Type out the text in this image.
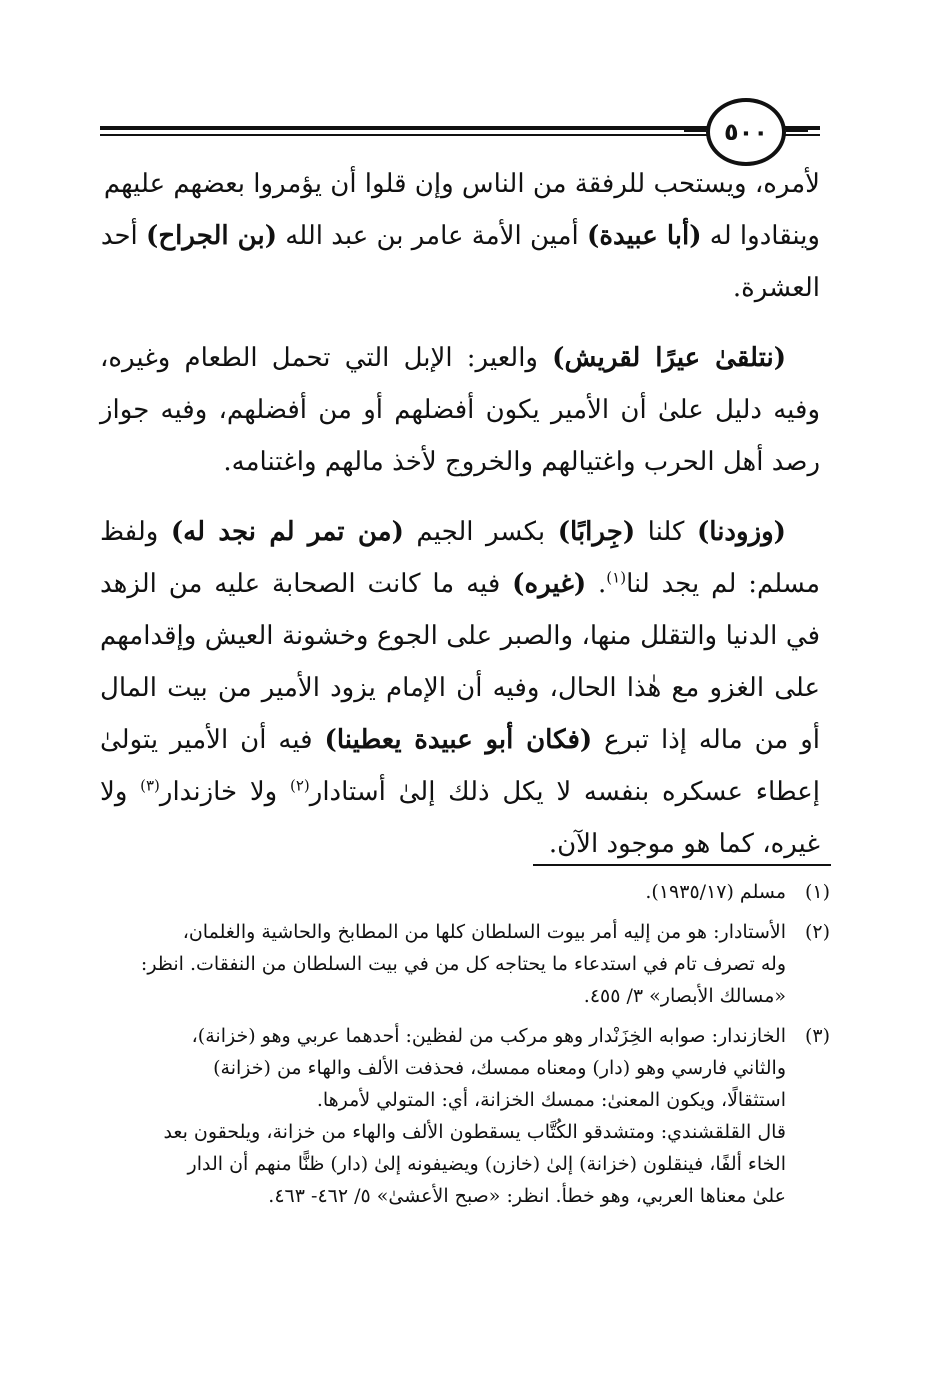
٥٠٠

لأمره، ويستحب للرفقة من الناس وإن قلوا أن يؤمروا بعضهم عليهم
وينقادوا له (أبا عبيدة) أمين الأمة عامر بن عبد الله (بن الجراح) أحد
العشرة.

(نتلقىٰ عيرًا لقريش) والعير: الإبل التي تحمل الطعام وغيره، وفيه دليل علىٰ أن الأمير يكون أفضلهم أو من أفضلهم، وفيه جواز رصد أهل الحرب واغتيالهم والخروج لأخذ مالهم واغتنامه.

(وزودنا) كلنا (جِرابًا) بكسر الجيم (من تمر لم نجد له) ولفظ مسلم: لم يجد لنا$^{(١)}$. (غيره) فيه ما كانت الصحابة عليه من الزهد في الدنيا والتقلل منها، والصبر على الجوع وخشونة العيش وإقدامهم على الغزو مع هٰذا الحال، وفيه أن الإمام يزود الأمير من بيت المال أو من ماله إذا تبرع (فكان أبو عبيدة يعطينا) فيه أن الأمير يتولىٰ إعطاء عسكره بنفسه لا يكل ذلك إلىٰ أستادار$^{(٢)}$ ولا خازندار$^{(٣)}$ ولا غيره، كما هو موجود الآن.

(١)
مسلم (١٩٣٥/١٧).
(٢)
الأستادار: هو من إليه أمر بيوت السلطان كلها من المطابخ والحاشية والغلمان،
وله تصرف تام في استدعاء ما يحتاجه كل من في بيت السلطان من النفقات. انظر:
«مسالك الأبصار» ٣/ ٤٥٥.
(٣)
الخازندار: صوابه الخِزَنْدار وهو مركب من لفظين: أحدهما عربي وهو (خزانة)،
والثاني فارسي وهو (دار) ومعناه ممسك، فحذفت الألف والهاء من (خزانة)
استثقالًا، ويكون المعنىٰ: ممسك الخزانة، أي: المتولي لأمرها.
قال القلقشندي: ومتشدقو الكُتَّاب يسقطون الألف والهاء من خزانة، ويلحقون بعد
الخاء ألفًا، فينقلون (خزانة) إلىٰ (خازن) ويضيفونه إلىٰ (دار) ظنًّا منهم أن الدار
علىٰ معناها العربي، وهو خطأ. انظر: «صبح الأعشىٰ» ٥/ ٤٦٢- ٤٦٣.
